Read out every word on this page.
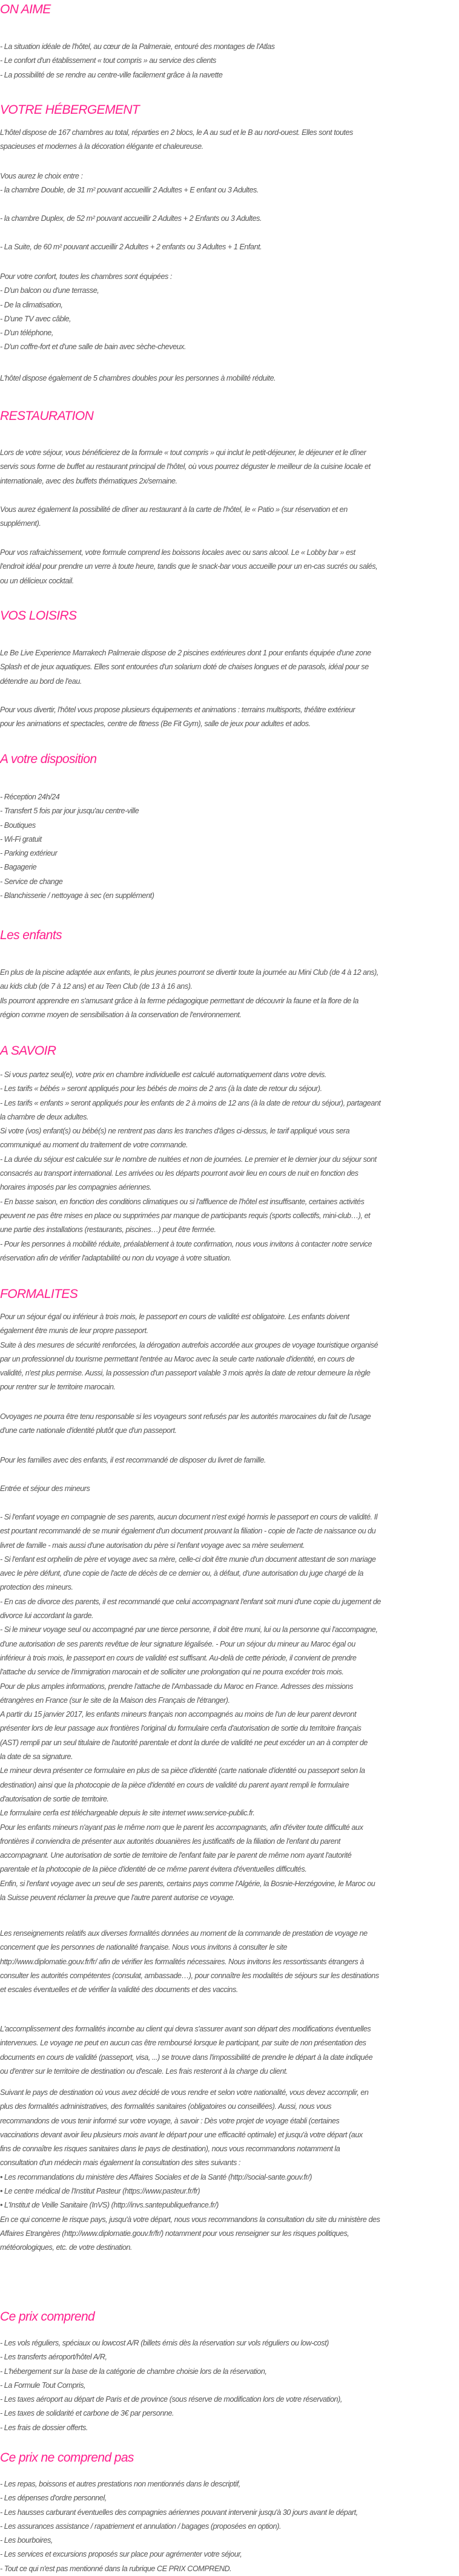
ON AIME
- La situation idéale de l'hôtel, au cœur de la Palmeraie, entouré des montages de l'Atlas
- Le confort d'un établissement « tout compris » au service des clients
- La possibilité de se rendre au centre-ville facilement grâce à la navette
VOTRE HÉBERGEMENT
L'hôtel dispose de 167 chambres au total, réparties en 2 blocs, le A au sud et le B au nord-ouest. Elles sont toutes
spacieuses et modernes à la décoration élégante et chaleureuse.
Vous aurez le choix entre :
- la chambre Double, de 31 m² pouvant accueillir 2 Adultes + E enfant ou 3 Adultes.
- la chambre Duplex, de 52 m² pouvant accueillir 2 Adultes + 2 Enfants ou 3 Adultes.
- La Suite, de 60 m² pouvant accueillir 2 Adultes + 2 enfants ou 3 Adultes + 1 Enfant.
Pour votre confort, toutes les chambres sont équipées :
- D'un balcon ou d'une terrasse,
- De la climatisation,
- D'une TV avec câble,
- D'un téléphone,
- D'un coffre-fort et d'une salle de bain avec sèche-cheveux.
L'hôtel dispose également de 5 chambres doubles pour les personnes à mobilité réduite.
RESTAURATION
Lors de votre séjour, vous bénéficierez de la formule « tout compris » qui inclut le petit-déjeuner, le déjeuner et le dîner
servis sous forme de buffet au restaurant principal de l'hôtel, où vous pourrez déguster le meilleur de la cuisine locale et
internationale, avec des buffets thématiques 2x/semaine.
Vous aurez également la possibilité de dîner au restaurant à la carte de l'hôtel, le « Patio » (sur réservation et en
supplément).
Pour vos rafraichissement, votre formule comprend les boissons locales avec ou sans alcool. Le « Lobby bar » est
l'endroit idéal pour prendre un verre à toute heure, tandis que le snack-bar vous accueille pour un en-cas sucrés ou salés,
ou un délicieux cocktail.
VOS LOISIRS
Le Be Live Experience Marrakech Palmeraie dispose de 2 piscines extérieures dont 1 pour enfants équipée d'une zone
Splash et de jeux aquatiques. Elles sont entourées d'un solarium doté de chaises longues et de parasols, idéal pour se
détendre au bord de l'eau.
Pour vous divertir, l'hôtel vous propose plusieurs équipements et animations : terrains multisports, théâtre extérieur
pour les animations et spectacles, centre de fitness (Be Fit Gym), salle de jeux pour adultes et ados.
A votre disposition
- Réception 24h/24
- Transfert 5 fois par jour jusqu'au centre-ville
- Boutiques
- Wi-Fi gratuit
- Parking extérieur
- Bagagerie
- Service de change
- Blanchisserie / nettoyage à sec (en supplément)
Les enfants
En plus de la piscine adaptée aux enfants, le plus jeunes pourront se divertir toute la journée au Mini Club (de 4 à 12 ans),
au kids club (de 7 à 12 ans) et au Teen Club (de 13 à 16 ans).
Ils pourront apprendre en s'amusant grâce à la ferme pédagogique permettant de découvrir la faune et la flore de la
région comme moyen de sensibilisation à la conservation de l'environnement.
A SAVOIR
- Si vous partez seul(e), votre prix en chambre individuelle est calculé automatiquement dans votre devis.
- Les tarifs « bébés » seront appliqués pour les bébés de moins de 2 ans (à la date de retour du séjour).
- Les tarifs « enfants » seront appliqués pour les enfants de 2 à moins de 12 ans (à la date de retour du séjour), partageant
la chambre de deux adultes.
Si votre (vos) enfant(s) ou bébé(s) ne rentrent pas dans les tranches d'âges ci-dessus, le tarif appliqué vous sera
communiqué au moment du traitement de votre commande.
- La durée du séjour est calculée sur le nombre de nuitées et non de journées. Le premier et le dernier jour du séjour sont
consacrés au transport international. Les arrivées ou les départs pourront avoir lieu en cours de nuit en fonction des
horaires imposés par les compagnies aériennes.
- En basse saison, en fonction des conditions climatiques ou si l'affluence de l'hôtel est insuffisante, certaines activités
peuvent ne pas être mises en place ou supprimées par manque de participants requis (sports collectifs, mini-club…), et
une partie des installations (restaurants, piscines…) peut être fermée.
- Pour les personnes à mobilité réduite, préalablement à toute confirmation, nous vous invitons à contacter notre service
réservation afin de vérifier l'adaptabilité ou non du voyage à votre situation.
FORMALITES
Pour un séjour égal ou inférieur à trois mois, le passeport en cours de validité est obligatoire. Les enfants doivent
également être munis de leur propre passeport.
Suite à des mesures de sécurité renforcées, la dérogation autrefois accordée aux groupes de voyage touristique organisé
par un professionnel du tourisme permettant l'entrée au Maroc avec la seule carte nationale d'identité, en cours de
validité, n'est plus permise. Aussi, la possession d'un passeport valable 3 mois après la date de retour demeure la règle
pour rentrer sur le territoire marocain.
Ovoyages ne pourra être tenu responsable si les voyageurs sont refusés par les autorités marocaines du fait de l'usage
d'une carte nationale d'identité plutôt que d'un passeport.
Pour les familles avec des enfants, il est recommandé de disposer du livret de famille.
Entrée et séjour des mineurs
- Si l'enfant voyage en compagnie de ses parents, aucun document n'est exigé hormis le passeport en cours de validité. Il
est pourtant recommandé de se munir également d'un document prouvant la filiation - copie de l'acte de naissance ou du
livret de famille - mais aussi d'une autorisation du père si l'enfant voyage avec sa mère seulement.
- Si l'enfant est orphelin de père et voyage avec sa mère, celle-ci doit être munie d'un document attestant de son mariage
avec le père défunt, d'une copie de l'acte de décès de ce dernier ou, à défaut, d'une autorisation du juge chargé de la
protection des mineurs.
- En cas de divorce des parents, il est recommandé que celui accompagnant l'enfant soit muni d'une copie du jugement de
divorce lui accordant la garde.
- Si le mineur voyage seul ou accompagné par une tierce personne, il doit être muni, lui ou la personne qui l'accompagne,
d'une autorisation de ses parents revêtue de leur signature légalisée. - Pour un séjour du mineur au Maroc égal ou
inférieur à trois mois, le passeport en cours de validité est suffisant. Au-delà de cette période, il convient de prendre
l'attache du service de l'immigration marocain et de solliciter une prolongation qui ne pourra excéder trois mois.
Pour de plus amples informations, prendre l'attache de l'Ambassade du Maroc en France. Adresses des missions
étrangères en France (sur le site de la Maison des Français de l'étranger).
A partir du 15 janvier 2017, les enfants mineurs français non accompagnés au moins de l'un de leur parent devront
présenter lors de leur passage aux frontières l'original du formulaire cerfa d'autorisation de sortie du territoire français
(AST) rempli par un seul titulaire de l'autorité parentale et dont la durée de validité ne peut excéder un an à compter de
la date de sa signature.
Le mineur devra présenter ce formulaire en plus de sa pièce d'identité (carte nationale d'identité ou passeport selon la
destination) ainsi que la photocopie de la pièce d'identité en cours de validité du parent ayant rempli le formulaire
d'autorisation de sortie de territoire.
Le formulaire cerfa est téléchargeable depuis le site internet www.service-public.fr.
Pour les enfants mineurs n'ayant pas le même nom que le parent les accompagnants, afin d'éviter toute difficulté aux
frontières il conviendra de présenter aux autorités douanières les justificatifs de la filiation de l'enfant du parent
accompagnant. Une autorisation de sortie de territoire de l'enfant faite par le parent de même nom ayant l'autorité
parentale et la photocopie de la pièce d'identité de ce même parent évitera d'éventuelles difficultés.
Enfin, si l'enfant voyage avec un seul de ses parents, certains pays comme l'Algérie, la Bosnie-Herzégovine, le Maroc ou
la Suisse peuvent réclamer la preuve que l'autre parent autorise ce voyage.
Les renseignements relatifs aux diverses formalités données au moment de la commande de prestation de voyage ne
concernent que les personnes de nationalité française. Nous vous invitons à consulter le site
http://www.diplomatie.gouv.fr/fr/ afin de vérifier les formalités nécessaires. Nous invitons les ressortissants étrangers à
consulter les autorités compétentes (consulat, ambassade…), pour connaître les modalités de séjours sur les destinations
et escales éventuelles et de vérifier la validité des documents et des vaccins.
L'accomplissement des formalités incombe au client qui devra s'assurer avant son départ des modifications éventuelles
intervenues. Le voyage ne peut en aucun cas être remboursé lorsque le participant, par suite de non présentation des
documents en cours de validité (passeport, visa, ...) se trouve dans l'impossibilité de prendre le départ à la date indiquée
ou d'entrer sur le territoire de destination ou d'escale. Les frais resteront à la charge du client.
Suivant le pays de destination où vous avez décidé de vous rendre et selon votre nationalité, vous devez accomplir, en
plus des formalités administratives, des formalités sanitaires (obligatoires ou conseillées). Aussi, nous vous
recommandons de vous tenir informé sur votre voyage, à savoir : Dès votre projet de voyage établi (certaines
vaccinations devant avoir lieu plusieurs mois avant le départ pour une efficacité optimale) et jusqu'à votre départ (aux
fins de connaître les risques sanitaires dans le pays de destination), nous vous recommandons notamment la
consultation d'un médecin mais également la consultation des sites suivants :
• Les recommandations du ministère des Affaires Sociales et de la Santé (http://social-sante.gouv.fr/)
• Le centre médical de l'Institut Pasteur (https://www.pasteur.fr/fr)
• L'Institut de Veille Sanitaire (InVS) (http://invs.santepubliquefrance.fr/)
En ce qui concerne le risque pays, jusqu'à votre départ, nous vous recommandons la consultation du site du ministère des
Affaires Etrangères (http://www.diplomatie.gouv.fr/fr/) notamment pour vous renseigner sur les risques politiques,
météorologiques, etc. de votre destination.
Ce prix comprend
- Les vols réguliers, spéciaux ou lowcost A/R (billets émis dès la réservation sur vols réguliers ou low-cost)
- Les transferts aéroport/hôtel A/R,
- L'hébergement sur la base de la catégorie de chambre choisie lors de la réservation,
- La Formule Tout Compris,
- Les taxes aéroport au départ de Paris et de province (sous réserve de modification lors de votre réservation),
- Les taxes de solidarité et carbone de 3€ par personne.
- Les frais de dossier offerts.
Ce prix ne comprend pas
- Les repas, boissons et autres prestations non mentionnés dans le descriptif,
- Les dépenses d'ordre personnel,
- Les hausses carburant éventuelles des compagnies aériennes pouvant intervenir jusqu'à 30 jours avant le départ,
- Les assurances assistance / rapatriement et annulation / bagages (proposées en option).
- Les bourboires,
- Les services et excursions proposés sur place pour agrémenter votre séjour,
- Tout ce qui n'est pas mentionné dans la rubrique CE PRIX COMPREND.
